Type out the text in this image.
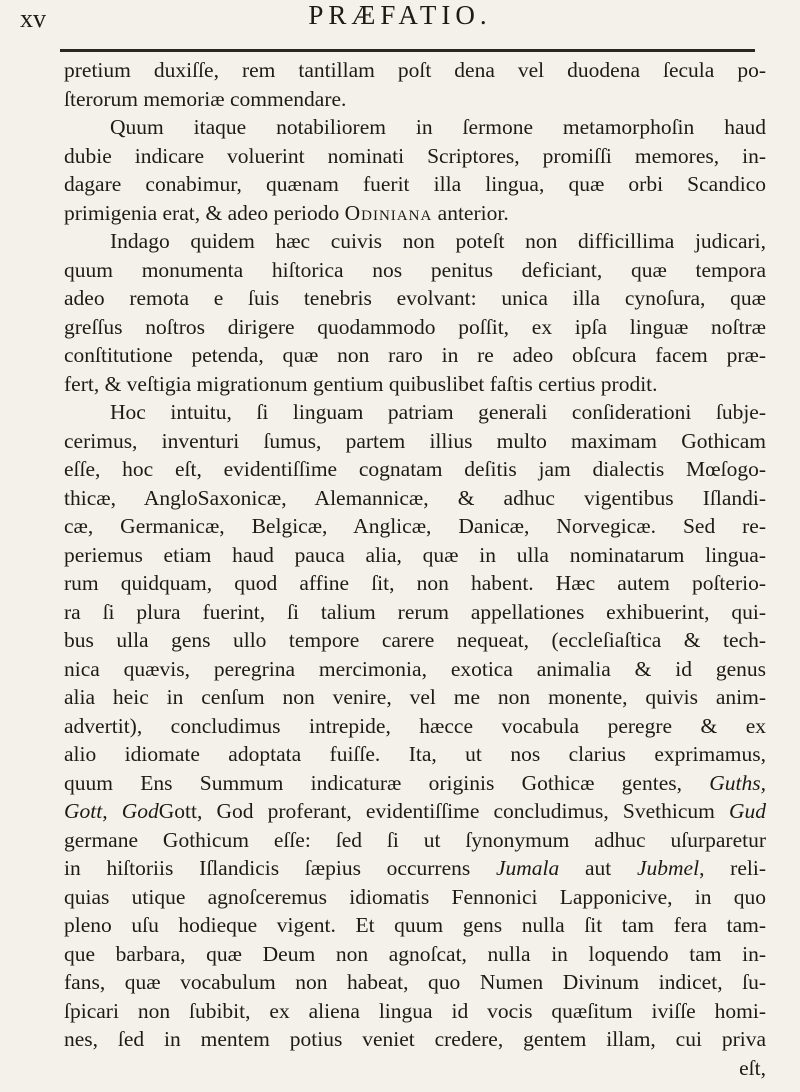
xv	PRÆFATIO.
pretium duxiſſe, rem tantillam poſt dena vel duodena ſecula po-
ſterorum memoriæ commendare.
Quum itaque notabiliorem in ſermone metamorphoſin haud
dubie indicare voluerint nominati Scriptores, promiſſi memores, in-
dagare conabimur, quænam fuerit illa lingua, quæ orbi Scandico
primigenia erat, & adeo periodo Odiniana anterior.
Indago quidem hæc cuivis non poteſt non difficillima judicari,
quum monumenta hiſtorica nos penitus deficiant, quæ tempora
adeo remota e ſuis tenebris evolvant: unica illa cynoſura, quæ
greſſus noſtros dirigere quodammodo poſſit, ex ipſa linguæ noſtræ
conſtitutione petenda, quæ non raro in re adeo obſcura facem præ-
fert, & veſtigia migrationum gentium quibuslibet faſtis certius prodit.
Hoc intuitu, ſi linguam patriam generali conſiderationi ſubje-
cerimus, inventuri ſumus, partem illius multo maximam Gothicam
eſſe, hoc eſt, evidentiſſime cognatam deſitis jam dialectis Mœſogo-
thicæ, AngloSaxonicæ, Alemannicæ, & adhuc vigentibus Iſlandi-
cæ, Germanicæ, Belgicæ, Anglicæ, Danicæ, Norvegicæ. Sed re-
periemus etiam haud pauca alia, quæ in ulla nominatarum lingua-
rum quidquam, quod affine ſit, non habent. Hæc autem poſterio-
ra ſi plura fuerint, ſi talium rerum appellationes exhibuerint, qui-
bus ulla gens ullo tempore carere nequeat, (eccleſiaſtica & tech-
nica quævis, peregrina mercimonia, exotica animalia & id genus
alia heic in cenſum non venire, vel me non monente, quivis anim-
advertit), concludimus intrepide, hæcce vocabula peregre & ex
alio idiomate adoptata fuiſſe. Ita, ut nos clarius exprimamus,
quum Ens Summum indicaturæ originis Gothicæ gentes, Guths,
Gott, GodGott, God proferant, evidentiſſime concludimus, Svethicum Gud
germane Gothicum eſſe: ſed ſi ut ſynonymum adhuc uſurparetur
in hiſtoriis Iſlandicis ſæpius occurrens Jumala aut Jubmel, reli-
quias utique agnoſceremus idiomatis Fennonici Lapponicive, in quo
pleno uſu hodieque vigent. Et quum gens nulla ſit tam fera tam-
que barbara, quæ Deum non agnoſcat, nulla in loquendo tam in-
fans, quæ vocabulum non habeat, quo Numen Divinum indicet, ſu-
ſpicari non ſubibit, ex aliena lingua id vocis quæſitum iviſſe homi-
nes, ſed in mentem potius veniet credere, gentem illam, cui priva
eſt,
